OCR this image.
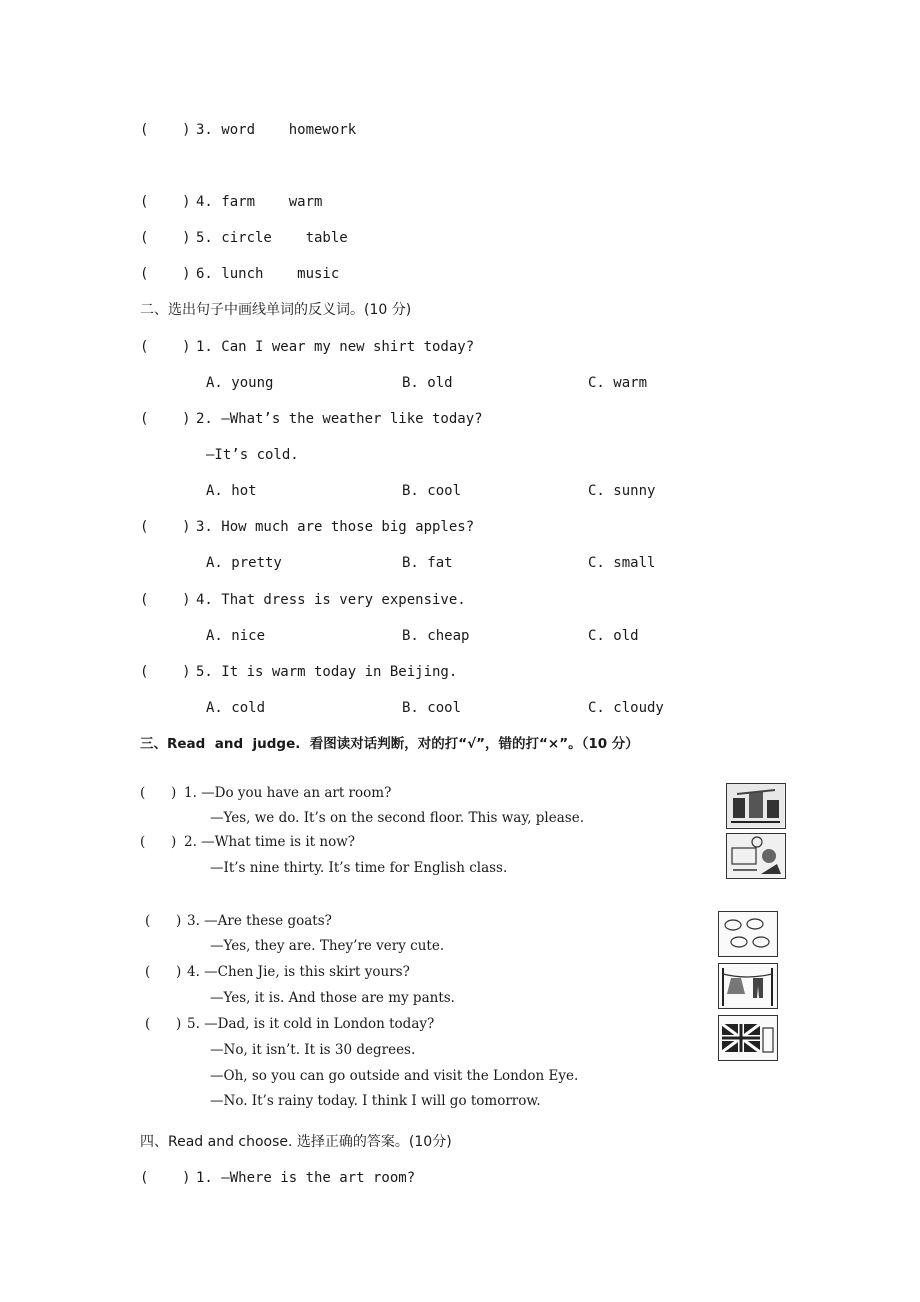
(    ) 3. word    homework
(    ) 4. farm    warm
(    ) 5. circle    table
(    ) 6. lunch    music
二、选出句子中画线单词的反义词。(10 分)
(    ) 1. Can I wear my new shirt today?
A. young	B. old	C. warm
(    ) 2. —What’s the weather like today?
—It’s cold.
A. hot	B. cool	C. sunny
(    ) 3. How much are those big apples?
A. pretty	B. fat	C. small
(    ) 4. That dress is very expensive.
A. nice	B. cheap	C. old
(    ) 5. It is warm today in Beijing.
A. cold	B. cool	C. cloudy
三、Read  and  judge.  看图读对话判断，对的打“√”，错的打“×”。（10 分）
(      ) 1. —Do you have an art room?
—Yes, we do. It’s on the second floor. This way, please.
(      ) 2. —What time is it now?
—It’s nine thirty. It’s time for English class.
(      ) 3. —Are these goats?
—Yes, they are. They’re very cute.
(      ) 4. —Chen Jie, is this skirt yours?
—Yes, it is. And those are my pants.
(      ) 5. —Dad, is it cold in London today?
—No, it isn’t. It is 30 degrees.
—Oh, so you can go outside and visit the London Eye.
—No. It’s rainy today. I think I will go tomorrow.
四、Read and choose. 选择正确的答案。(10分)
(    ) 1. —Where is the art room?
